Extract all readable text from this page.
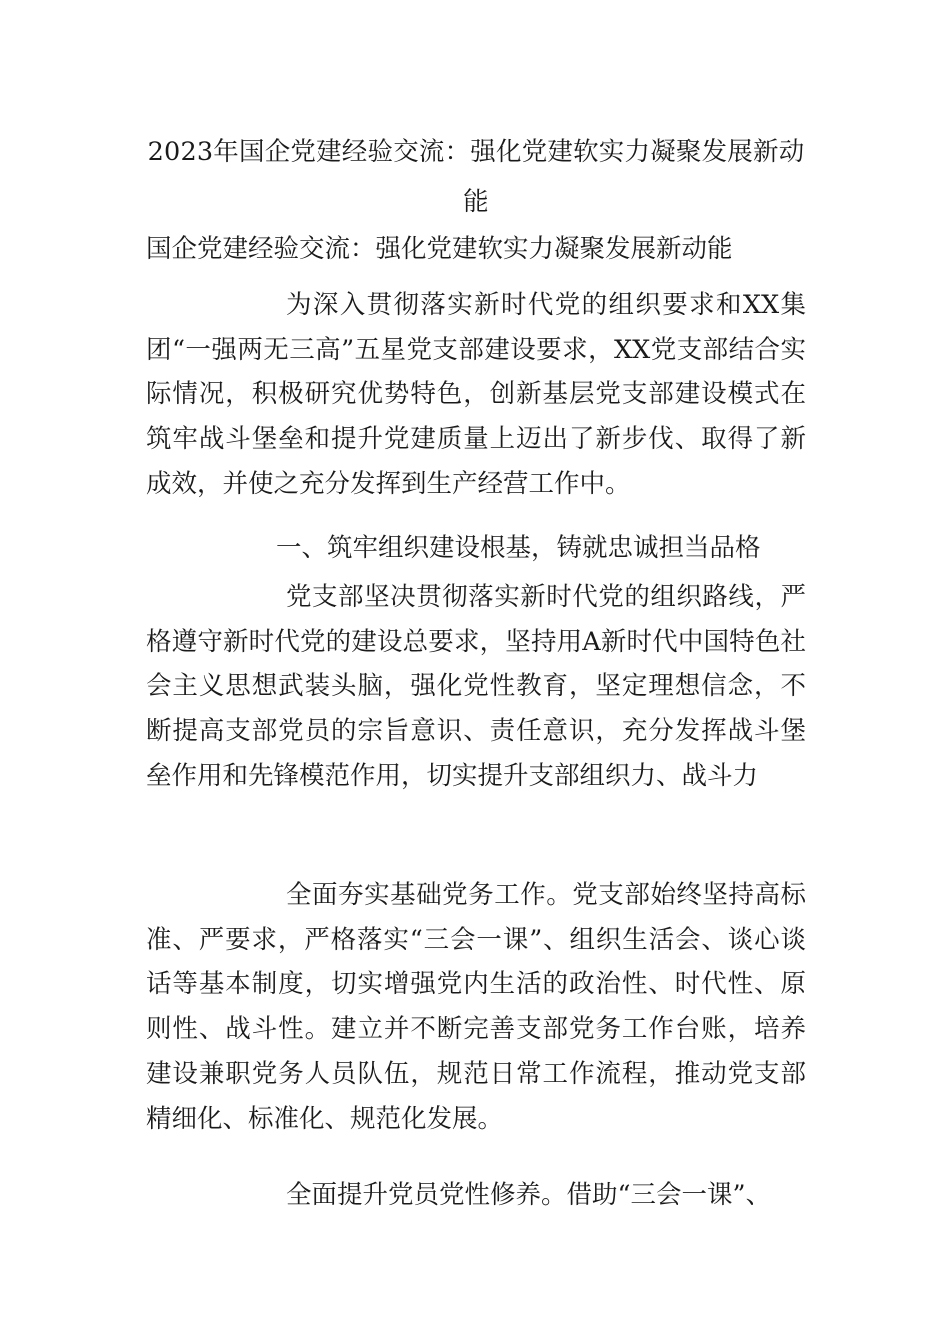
2023年国企党建经验交流：强化党建软实力凝聚发展新动能
国企党建经验交流：强化党建软实力凝聚发展新动能

为深入贯彻落实新时代党的组织要求和XX集团“一强两无三高”五星党支部建设要求，XX党支部结合实际情况，积极研究优势特色，创新基层党支部建设模式在筑牢战斗堡垒和提升党建质量上迈出了新步伐、取得了新成效，并使之充分发挥到生产经营工作中。

一、筑牢组织建设根基，铸就忠诚担当品格

党支部坚决贯彻落实新时代党的组织路线，严格遵守新时代党的建设总要求，坚持用A新时代中国特色社会主义思想武装头脑，强化党性教育，坚定理想信念，不断提高支部党员的宗旨意识、责任意识，充分发挥战斗堡垒作用和先锋模范作用，切实提升支部组织力、战斗力

全面夯实基础党务工作。党支部始终坚持高标准、严要求，严格落实“三会一课”、组织生活会、谈心谈话等基本制度，切实增强党内生活的政治性、时代性、原则性、战斗性。建立并不断完善支部党务工作台账，培养建设兼职党务人员队伍，规范日常工作流程，推动党支部精细化、标准化、规范化发展。

全面提升党员党性修养。借助“三会一课”、
